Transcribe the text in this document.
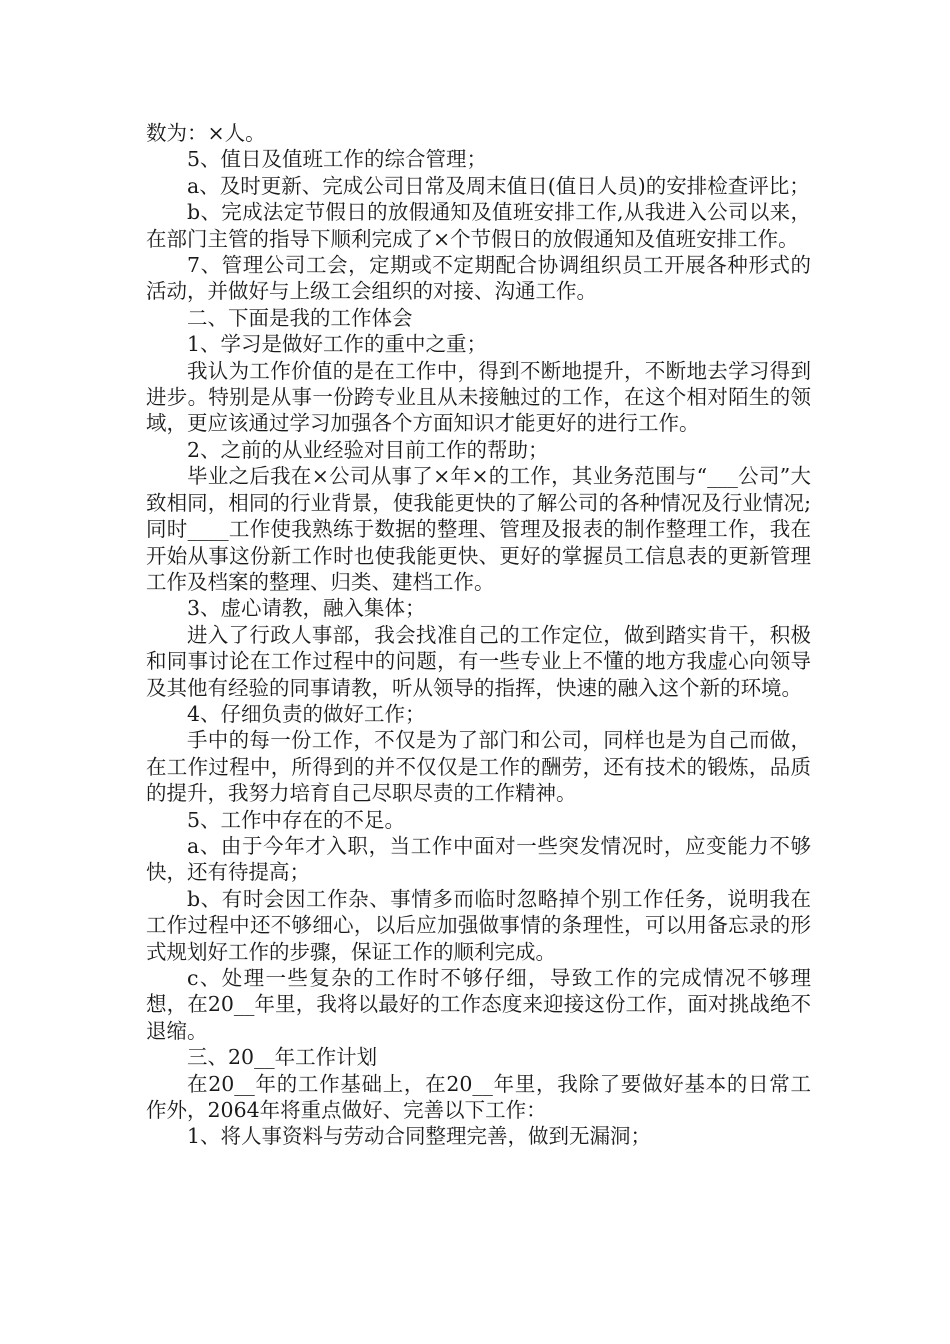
数为：×人。

5、值日及值班工作的综合管理；

a、及时更新、完成公司日常及周末值日(值日人员)的安排检查评比；

b、完成法定节假日的放假通知及值班安排工作,从我进入公司以来，在部门主管的指导下顺利完成了×个节假日的放假通知及值班安排工作。

7、管理公司工会，定期或不定期配合协调组织员工开展各种形式的活动，并做好与上级工会组织的对接、沟通工作。

二、下面是我的工作体会

1、学习是做好工作的重中之重；

我认为工作价值的是在工作中，得到不断地提升，不断地去学习得到进步。特别是从事一份跨专业且从未接触过的工作，在这个相对陌生的领域，更应该通过学习加强各个方面知识才能更好的进行工作。

2、之前的从业经验对目前工作的帮助；

毕业之后我在×公司从事了×年×的工作，其业务范围与“___公司”大致相同，相同的行业背景，使我能更快的了解公司的各种情况及行业情况;同时____工作使我熟练于数据的整理、管理及报表的制作整理工作，我在开始从事这份新工作时也使我能更快、更好的掌握员工信息表的更新管理工作及档案的整理、归类、建档工作。

3、虚心请教，融入集体；

进入了行政人事部，我会找准自己的工作定位，做到踏实肯干，积极和同事讨论在工作过程中的问题，有一些专业上不懂的地方我虚心向领导及其他有经验的同事请教，听从领导的指挥，快速的融入这个新的环境。

4、仔细负责的做好工作；

手中的每一份工作，不仅是为了部门和公司，同样也是为自己而做，在工作过程中，所得到的并不仅仅是工作的酬劳，还有技术的锻炼，品质的提升，我努力培育自己尽职尽责的工作精神。

5、工作中存在的不足。

a、由于今年才入职，当工作中面对一些突发情况时，应变能力不够快，还有待提高；

b、有时会因工作杂、事情多而临时忽略掉个别工作任务，说明我在工作过程中还不够细心，以后应加强做事情的条理性，可以用备忘录的形式规划好工作的步骤，保证工作的顺利完成。

c、处理一些复杂的工作时不够仔细，导致工作的完成情况不够理想，在20__年里，我将以最好的工作态度来迎接这份工作，面对挑战绝不退缩。

三、20__年工作计划

在20__年的工作基础上，在20__年里，我除了要做好基本的日常工作外，2064年将重点做好、完善以下工作：

1、将人事资料与劳动合同整理完善，做到无漏洞；
